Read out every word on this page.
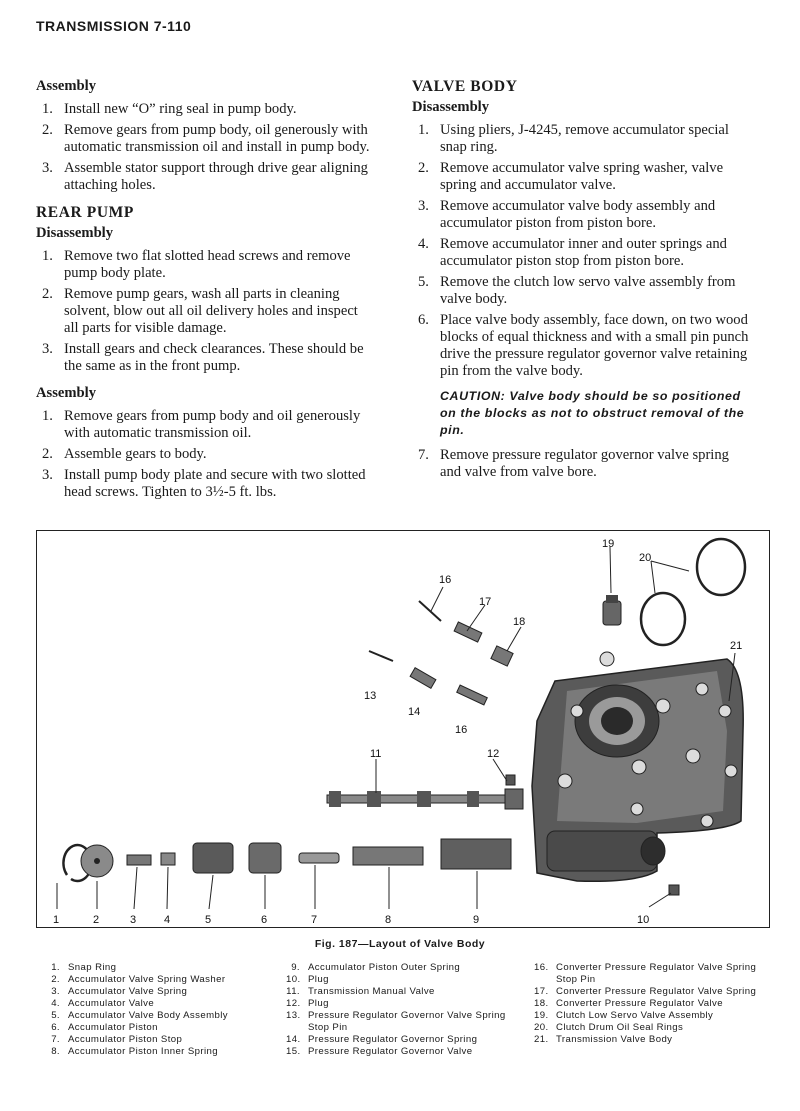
TRANSMISSION 7-110
Assembly
1. Install new “O” ring seal in pump body.
2. Remove gears from pump body, oil generously with automatic transmission oil and install in pump body.
3. Assemble stator support through drive gear aligning attaching holes.
REAR PUMP
Disassembly
1. Remove two flat slotted head screws and remove pump body plate.
2. Remove pump gears, wash all parts in cleaning solvent, blow out all oil delivery holes and inspect all parts for visible damage.
3. Install gears and check clearances. These should be the same as in the front pump.
Assembly
1. Remove gears from pump body and oil generously with automatic transmission oil.
2. Assemble gears to body.
3. Install pump body plate and secure with two slotted head screws. Tighten to 3½-5 ft. lbs.
VALVE BODY
Disassembly
1. Using pliers, J-4245, remove accumulator special snap ring.
2. Remove accumulator valve spring washer, valve spring and accumulator valve.
3. Remove accumulator valve body assembly and accumulator piston from piston bore.
4. Remove accumulator inner and outer springs and accumulator piston stop from piston bore.
5. Remove the clutch low servo valve assembly from valve body.
6. Place valve body assembly, face down, on two wood blocks of equal thickness and with a small pin punch drive the pressure regulator governor valve retaining pin from the valve body.
CAUTION: Valve body should be so positioned on the blocks as not to obstruct removal of the pin.
7. Remove pressure regulator governor valve spring and valve from valve bore.
19
20
16
17
18
21
13
14
16
11	12
1	2	3	4	5	6	7	8	9	10
Fig. 187—Layout of Valve Body
1. Snap Ring
2. Accumulator Valve Spring Washer
3. Accumulator Valve Spring
4. Accumulator Valve
5. Accumulator Valve Body Assembly
6. Accumulator Piston
7. Accumulator Piston Stop
8. Accumulator Piston Inner Spring
9. Accumulator Piston Outer Spring
10. Plug
11. Transmission Manual Valve
12. Plug
13. Pressure Regulator Governor Valve Spring Stop Pin
14. Pressure Regulator Governor Spring
15. Pressure Regulator Governor Valve
16. Converter Pressure Regulator Valve Spring Stop Pin
17. Converter Pressure Regulator Valve Spring
18. Converter Pressure Regulator Valve
19. Clutch Low Servo Valve Assembly
20. Clutch Drum Oil Seal Rings
21. Transmission Valve Body
